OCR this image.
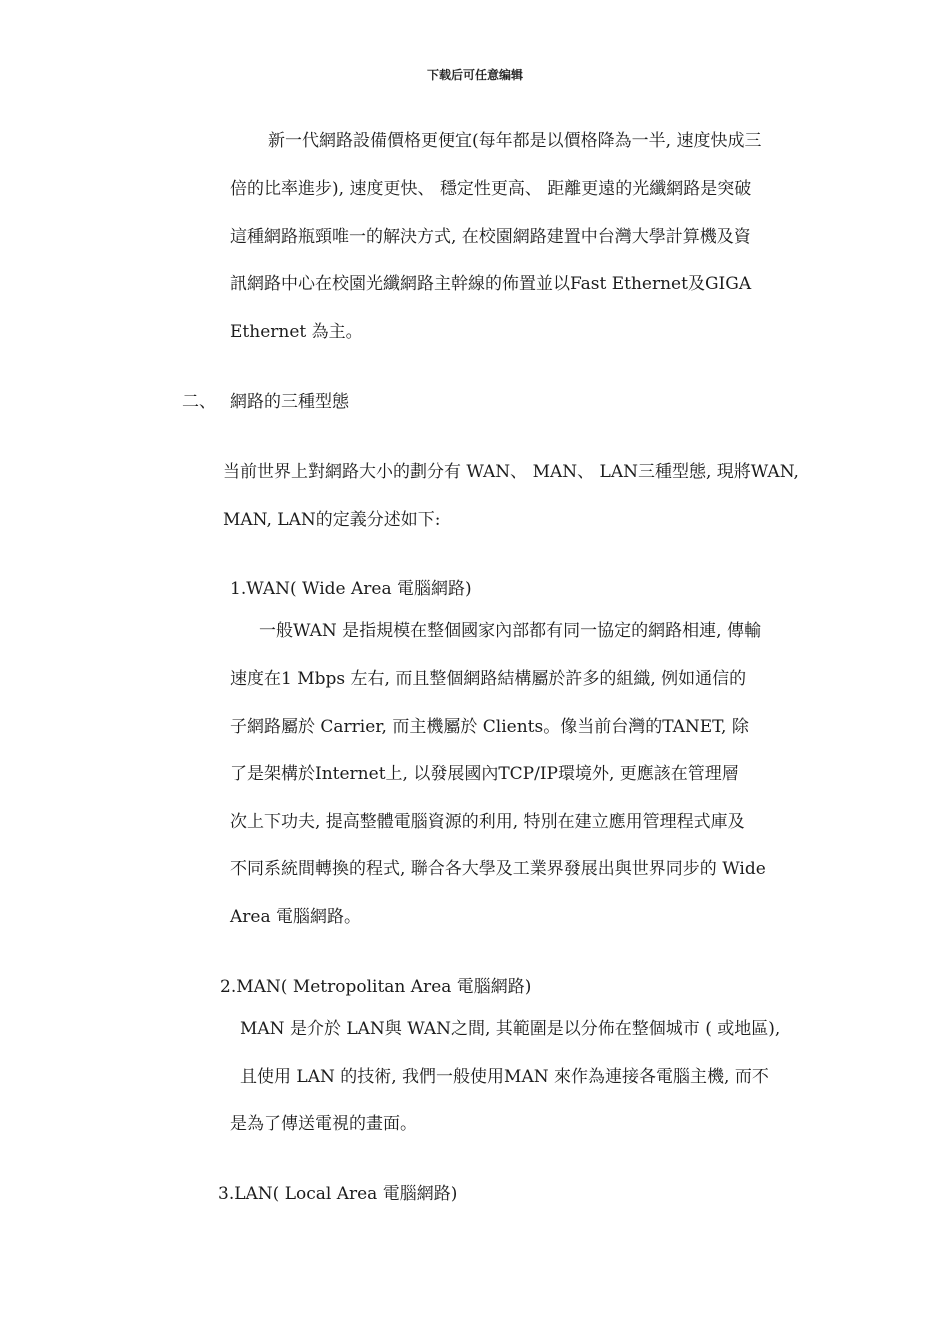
下载后可任意编辑
新一代網路設備價格更便宜(每年都是以價格降為一半, 速度快成三
倍的比率進步), 速度更快、 穩定性更高、 距離更遠的光纖網路是突破
這種網路瓶頸唯一的解決方式, 在校園網路建置中台灣大學計算機及資
訊網路中心在校園光纖網路主幹線的佈置並以Fast Ethernet及GIGA
Ethernet 為主。
二、 網路的三種型態
当前世界上對網路大小的劃分有 WAN、 MAN、 LAN三種型態, 現將WAN,
MAN, LAN的定義分述如下:
1.WAN( Wide Area 電腦網路)
一般WAN 是指規模在整個國家內部都有同一協定的網路相連, 傳輸
速度在1 Mbps 左右, 而且整個網路結構屬於許多的組織, 例如通信的
子網路屬於 Carrier, 而主機屬於 Clients。像当前台灣的TANET, 除
了是架構於Internet上, 以發展國內TCP/IP環境外, 更應該在管理層
次上下功夫, 提高整體電腦資源的利用, 特別在建立應用管理程式庫及
不同系統間轉換的程式, 聯合各大學及工業界發展出與世界同步的 Wide
Area 電腦網路。
2.MAN( Metropolitan Area 電腦網路)
MAN 是介於 LAN與 WAN之間, 其範圍是以分佈在整個城市 ( 或地區),
且使用 LAN 的技術, 我們一般使用MAN 來作為連接各電腦主機, 而不
是為了傳送電視的畫面。
3.LAN( Local Area 電腦網路)
